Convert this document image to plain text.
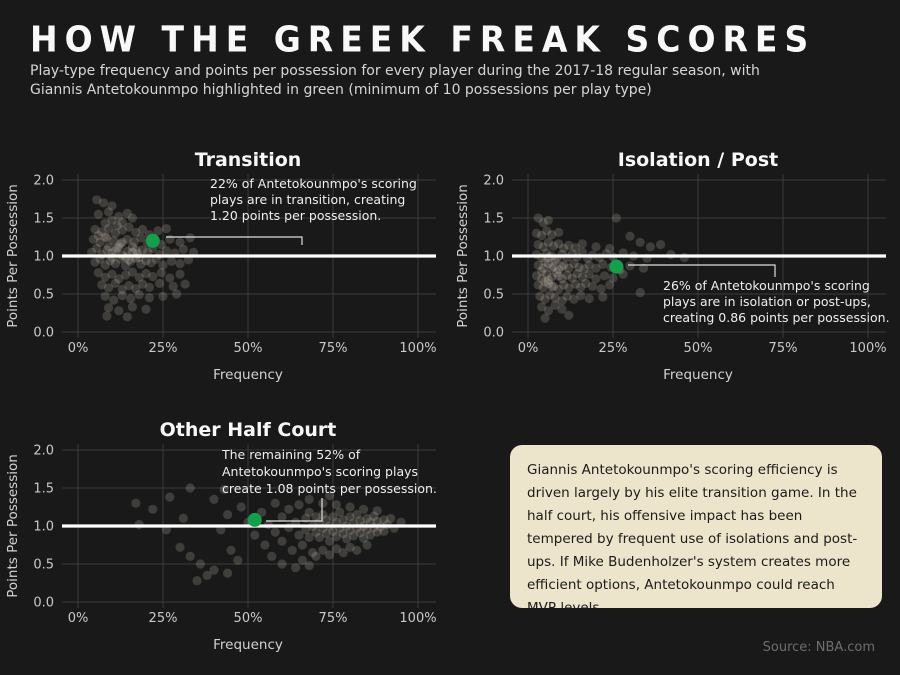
HOW THE GREEK FREAK SCORES

Play-type frequency and points per possession for every player during the 2017-18 regular season, with
Giannis Antetokounmpo highlighted in green (minimum of 10 possessions per play type)

0%	25%	50%	75%	100%
0.0
0.5
1.0
1.5
2.0
Transition
Frequency
Points Per Possession
22% of Antetokounmpo's scoring
plays are in transition, creating
1.20 points per possession.
0%	25%	50%	75%	100%
0.0
0.5
1.0
1.5
2.0
Isolation / Post
Frequency
Points Per Possession	26% of Antetokounmpo's scoring
plays are in isolation or post-ups,
creating 0.86 points per possession.
0%	25%	50%	75%	100%
0.0
0.5
1.0
1.5
2.0
Other Half Court
Frequency
Points Per Possession	The remaining 52% of
Antetokounmpo's scoring plays
create 1.08 points per possession.

Giannis Antetokounmpo's scoring efficiency is driven largely by his elite transition game. In the half court, his offensive impact has been tempered by frequent use of isolations and post-ups. If Mike Budenholzer's system creates more efficient options, Antetokounmpo could reach MVP levels.

Source: NBA.com
